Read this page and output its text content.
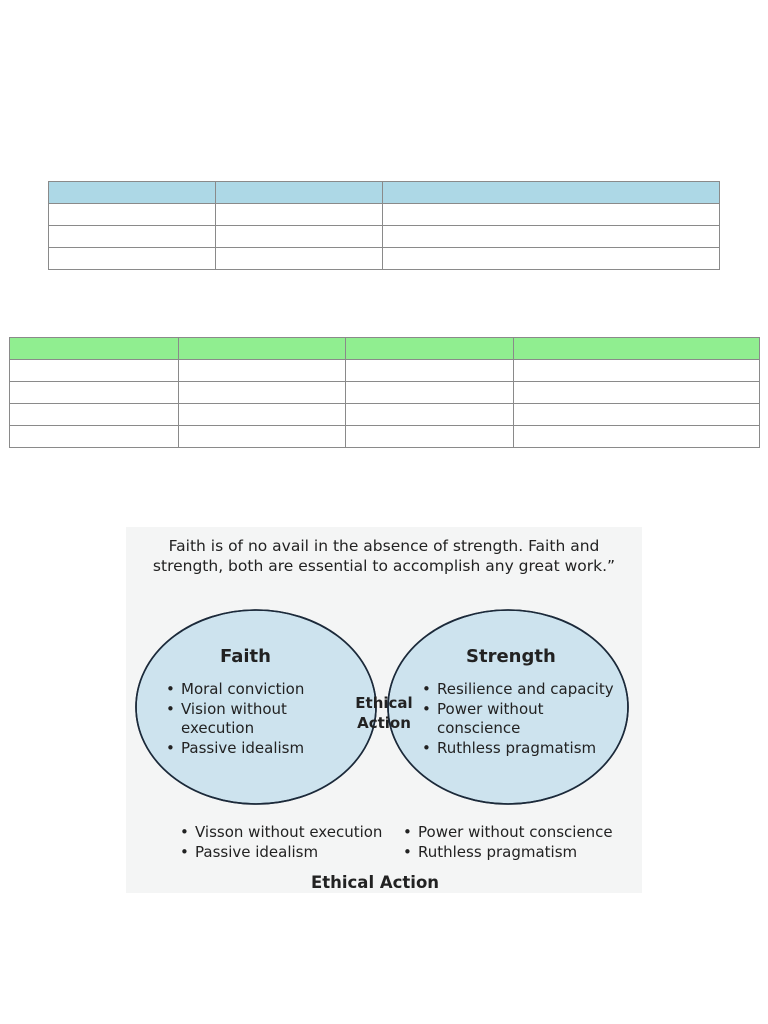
Faith is of no avail in the absence of strength. Faith and strength, both are essential to accomplish any great work.”
Faith	Strength
• Moral conviction
• Vision without execution
• Passive idealism
Ethical Action
• Resilience and capacity
• Power without conscience
• Ruthless pragmatism
• Visson without execution
• Passive idealism
• Power without conscience
• Ruthless pragmatism
Ethical Action
